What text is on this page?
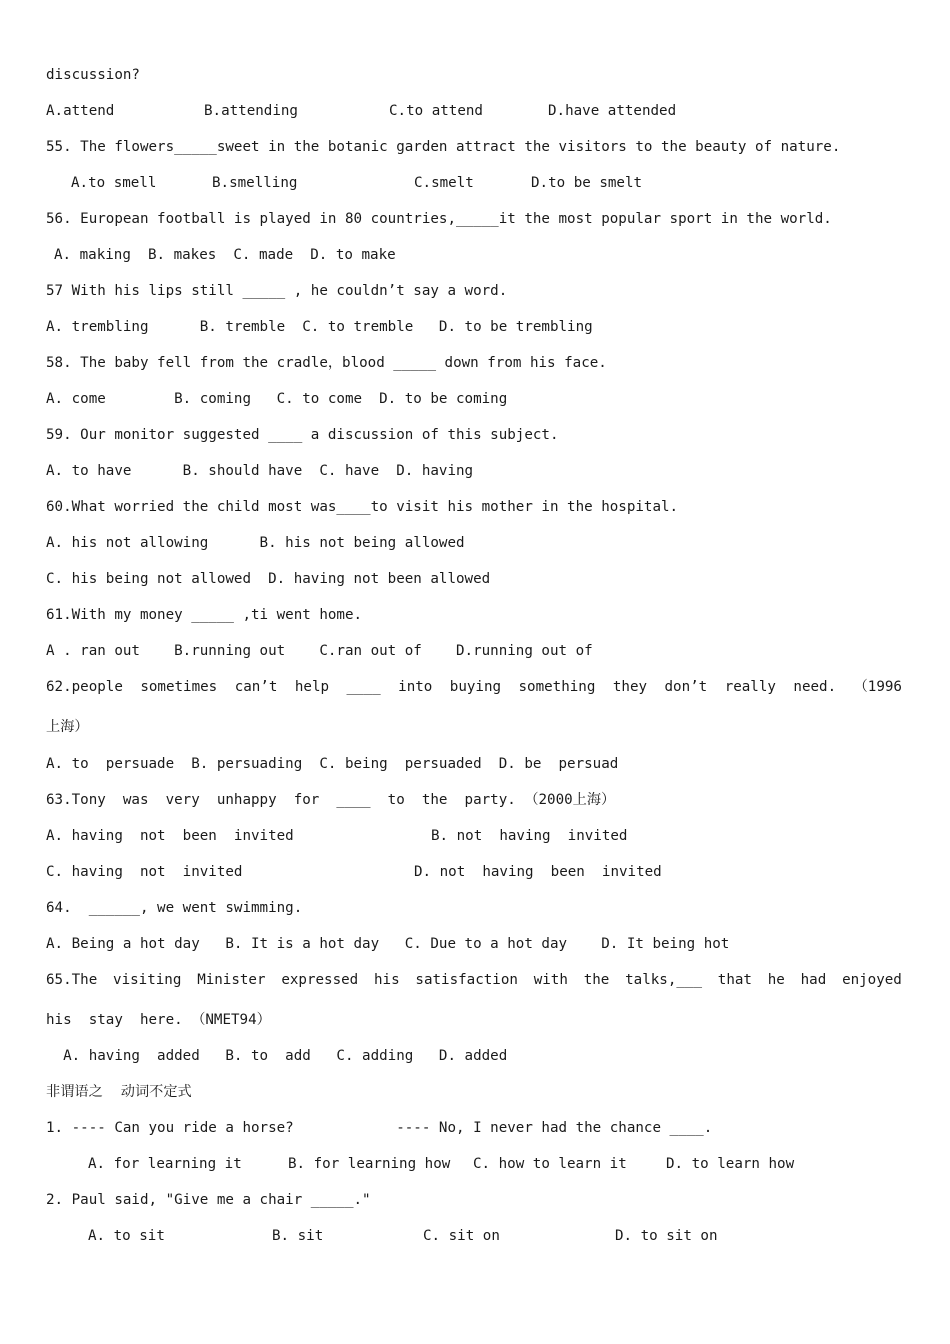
discussion?
A.attend	B.attending	C.to attend	D.have attended
55. The flowers_____sweet in the botanic garden attract the visitors to the beauty of nature.
A.to smell	B.smelling	C.smelt	D.to be smelt
56. European football is played in 80 countries,_____it the most popular sport in the world.
A. making  B. makes  C. made  D. to make
57 With his lips still _____ , he couldn’t say a word.
A. trembling      B. tremble  C. to tremble   D. to be trembling
58. The baby fell from the cradle，blood _____ down from his face.
A. come        B. coming   C. to come  D. to be coming
59. Our monitor suggested ____ a discussion of this subject.
A. to have      B. should have  C. have  D. having
60.What worried the child most was____to visit his mother in the hospital.
A. his not allowing      B. his not being allowed
C. his being not allowed  D. having not been allowed
61.With my money _____ ,ti went home.
A . ran out    B.running out    C.ran out of    D.running out of
62.people sometimes can’t help ____ into buying something they don’t really need. （1996
上海）
A. to  persuade  B. persuading  C. being  persuaded  D. be  persuad
63.Tony  was  very  unhappy  for  ____  to  the  party. （2000上海）
A. having  not  been  invited	B. not  having  invited
C. having  not  invited	D. not  having  been  invited
64.  ______, we went swimming.
A. Being a hot day   B. It is a hot day   C. Due to a hot day    D. It being hot
65.The visiting Minister expressed his satisfaction with the talks,___ that he had enjoyed
his  stay  here. （NMET94）
A. having  added   B. to  add   C. adding   D. added
非谓语之    动词不定式
1. ---- Can you ride a horse?            ---- No, I never had the chance ____.
A. for learning it	B. for learning how C. how to learn it	D. to learn how
2. Paul said, "Give me a chair _____."
A. to sit	B. sit	C. sit on	D. to sit on
